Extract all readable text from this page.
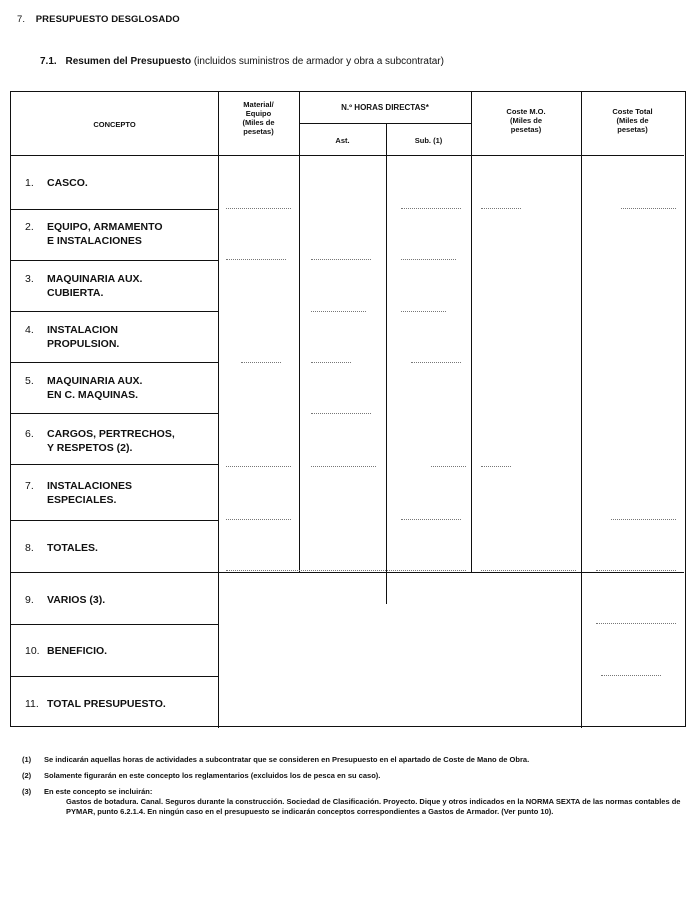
7. PRESUPUESTO DESGLOSADO
7.1. Resumen del Presupuesto (incluidos suministros de armador y obra a subcontratar)
CONCEPTO
Material/
Equipo
(Miles de
pesetas)
N.º HORAS DIRECTAS*
Ast.	Sub. (1)
Coste M.O.
(Miles de
pesetas)
Coste Total
(Miles de
pesetas)
1. CASCO.
2. EQUIPO, ARMAMENTO
E INSTALACIONES
3. MAQUINARIA AUX.
CUBIERTA.
4. INSTALACION
PROPULSION.
5. MAQUINARIA AUX.
EN C. MAQUINAS.
6. CARGOS, PERTRECHOS,
Y RESPETOS (2).
7. INSTALACIONES
ESPECIALES.
8. TOTALES.
9. VARIOS (3).
10. BENEFICIO.
11. TOTAL PRESUPUESTO.
(1) Se indicarán aquellas horas de actividades a subcontratar que se consideren en Presupuesto en el apartado de Coste de Mano de Obra.
(2) Solamente figurarán en este concepto los reglamentarios (excluidos los de pesca en su caso).
(3) En este concepto se incluirán:
Gastos de botadura. Canal. Seguros durante la construcción. Sociedad de Clasificación. Proyecto. Dique y otros indicados en la NORMA SEXTA de las normas contables de PYMAR, punto 6.2.1.4. En ningún caso en el presupuesto se indicarán conceptos correspondientes a Gastos de Armador. (Ver punto 10).
